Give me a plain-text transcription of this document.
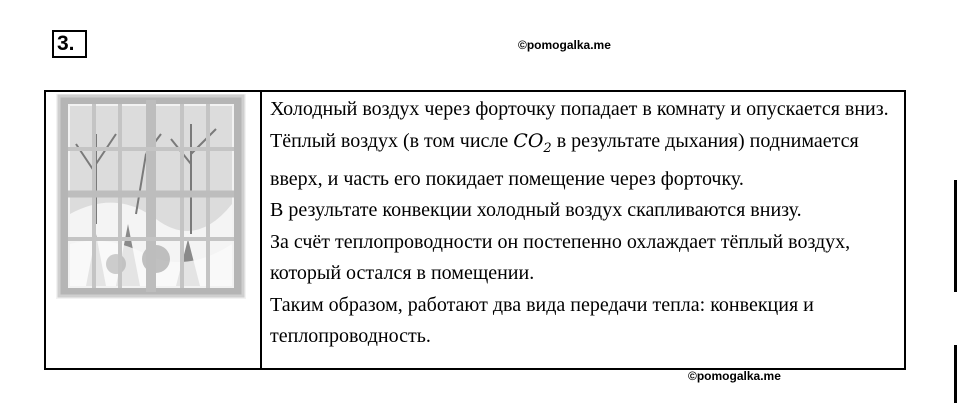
3.	©pomogalka.me

Холодный воздух через форточку попадает в комнату и опускается вниз. Тёплый воздух (в том числе $CO_2$ в результате дыхания) поднимается вверх, и часть его покидает помещение через форточку.

В результате конвекции холодный воздух скапливаются внизу.

За счёт теплопроводности он постепенно охлаждает тёплый воздух, который остался в помещении.

Таким образом, работают два вида передачи тепла: конвекция и теплопроводность.

©pomogalka.me
